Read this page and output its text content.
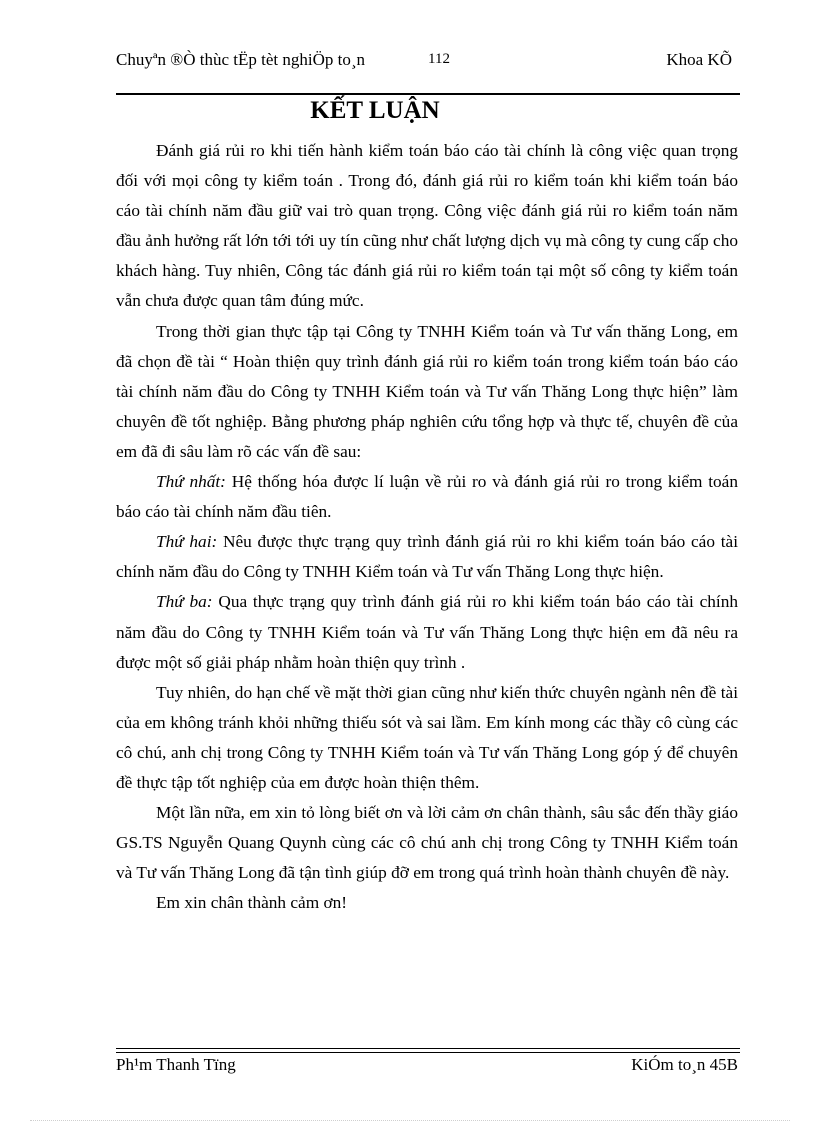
Chuyªn ®Ò thùc tËp tèt nghiÖp to¸n	112	Khoa KÕ
KẾT LUẬN

Đánh giá rủi ro khi tiến hành kiểm toán báo cáo tài chính là công việc quan trọng đối với mọi công ty kiểm toán . Trong đó, đánh giá rủi ro kiểm toán khi kiểm toán báo cáo tài chính năm đầu giữ vai trò quan trọng. Công việc đánh giá rủi ro kiểm toán năm đầu ảnh hưởng rất lớn tới tới uy tín cũng như chất lượng dịch vụ mà công ty cung cấp cho khách hàng. Tuy nhiên, Công tác đánh giá rủi ro kiểm toán tại một số công ty kiểm toán vẫn chưa được quan tâm đúng mức.

Trong thời gian thực tập tại Công ty TNHH Kiểm toán và Tư vấn thăng Long, em đã chọn đề tài “ Hoàn thiện quy trình đánh giá rủi ro kiểm toán trong kiểm toán báo cáo tài chính năm đầu do Công ty TNHH Kiểm toán và Tư vấn Thăng Long thực hiện” làm chuyên đề tốt nghiệp. Bằng phương pháp nghiên cứu tổng hợp và thực tế, chuyên đề của em đã đi sâu làm rõ các vấn đề sau:

Thứ nhất: Hệ thống hóa được lí luận về rủi ro và đánh giá rủi ro trong kiểm toán báo cáo tài chính năm đầu tiên.

Thứ hai: Nêu được thực trạng quy trình đánh giá rủi ro khi kiểm toán báo cáo tài chính năm đầu do Công ty TNHH Kiểm toán và Tư vấn Thăng Long thực hiện.

Thứ ba: Qua thực trạng quy trình đánh giá rủi ro khi kiểm toán báo cáo tài chính năm đầu do Công ty TNHH Kiểm toán và Tư vấn Thăng Long thực hiện em đã nêu ra được một số giải pháp nhằm hoàn thiện quy trình .

Tuy nhiên, do hạn chế về mặt thời gian cũng như kiến thức chuyên ngành nên đề tài của em không tránh khỏi những thiếu sót và sai lầm. Em kính mong các thầy cô cùng các cô chú, anh chị trong Công ty TNHH Kiểm toán và Tư vấn Thăng Long góp ý để chuyên đề thực tập tốt nghiệp của em được hoàn thiện thêm.

Một lần nữa, em xin tỏ lòng biết ơn và lời cảm ơn chân thành, sâu sắc đến thầy giáo GS.TS Nguyễn Quang Quynh cùng các cô chú anh chị trong Công ty TNHH Kiểm toán và Tư vấn Thăng Long đã tận tình giúp đỡ em trong quá trình hoàn thành chuyên đề này.

Em xin chân thành cảm ơn!

Ph¹m Thanh Tïng	KiÓm to¸n 45B
